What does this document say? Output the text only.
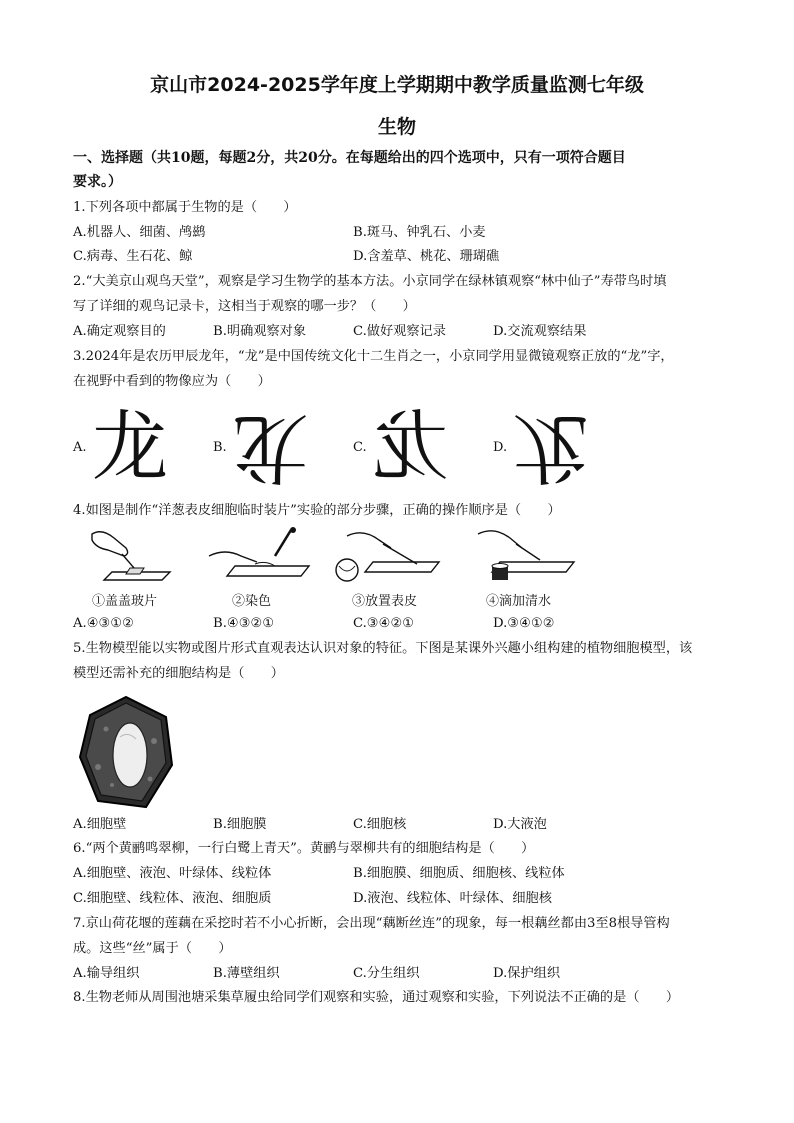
京山市2024-2025学年度上学期期中教学质量监测七年级
生物
一、选择题（共10题，每题2分，共20分。在每题给出的四个选项中，只有一项符合题目
要求。）
1.下列各项中都属于生物的是（　　）
A.机器人、细菌、鸬鹚	B.斑马、钟乳石、小麦
C.病毒、生石花、鲸	D.含羞草、桃花、珊瑚礁
2.“大美京山观鸟天堂”，观察是学习生物学的基本方法。小京同学在绿林镇观察“林中仙子”寿带鸟时填
写了详细的观鸟记录卡，这相当于观察的哪一步？（　　）
A.确定观察目的	B.明确观察对象	C.做好观察记录	D.交流观察结果
3.2024年是农历甲辰龙年，“龙”是中国传统文化十二生肖之一，小京同学用显微镜观察正放的“龙”字，
在视野中看到的物像应为（　　）
A.	B.	C.	D.
龙 龙 龙 龙
4.如图是制作“洋葱表皮细胞临时装片”实验的部分步骤，正确的操作顺序是（　　）
①盖盖玻片	②染色	③放置表皮	④滴加清水
A.④③①②	B.④③②①	C.③④②①	D.③④①②
5.生物模型能以实物或图片形式直观表达认识对象的特征。下图是某课外兴趣小组构建的植物细胞模型，该
模型还需补充的细胞结构是（　　）
A.细胞壁	B.细胞膜	C.细胞核	D.大液泡
6.“两个黄鹂鸣翠柳，一行白鹭上青天”。黄鹂与翠柳共有的细胞结构是（　　）
A.细胞壁、液泡、叶绿体、线粒体	B.细胞膜、细胞质、细胞核、线粒体
C.细胞壁、线粒体、液泡、细胞质	D.液泡、线粒体、叶绿体、细胞核
7.京山荷花堰的莲藕在采挖时若不小心折断，会出现“藕断丝连”的现象，每一根藕丝都由3至8根导管构
成。这些“丝”属于（　　）
A.输导组织	B.薄壁组织	C.分生组织	D.保护组织
8.生物老师从周围池塘采集草履虫给同学们观察和实验，通过观察和实验，下列说法不正确的是（　　）
